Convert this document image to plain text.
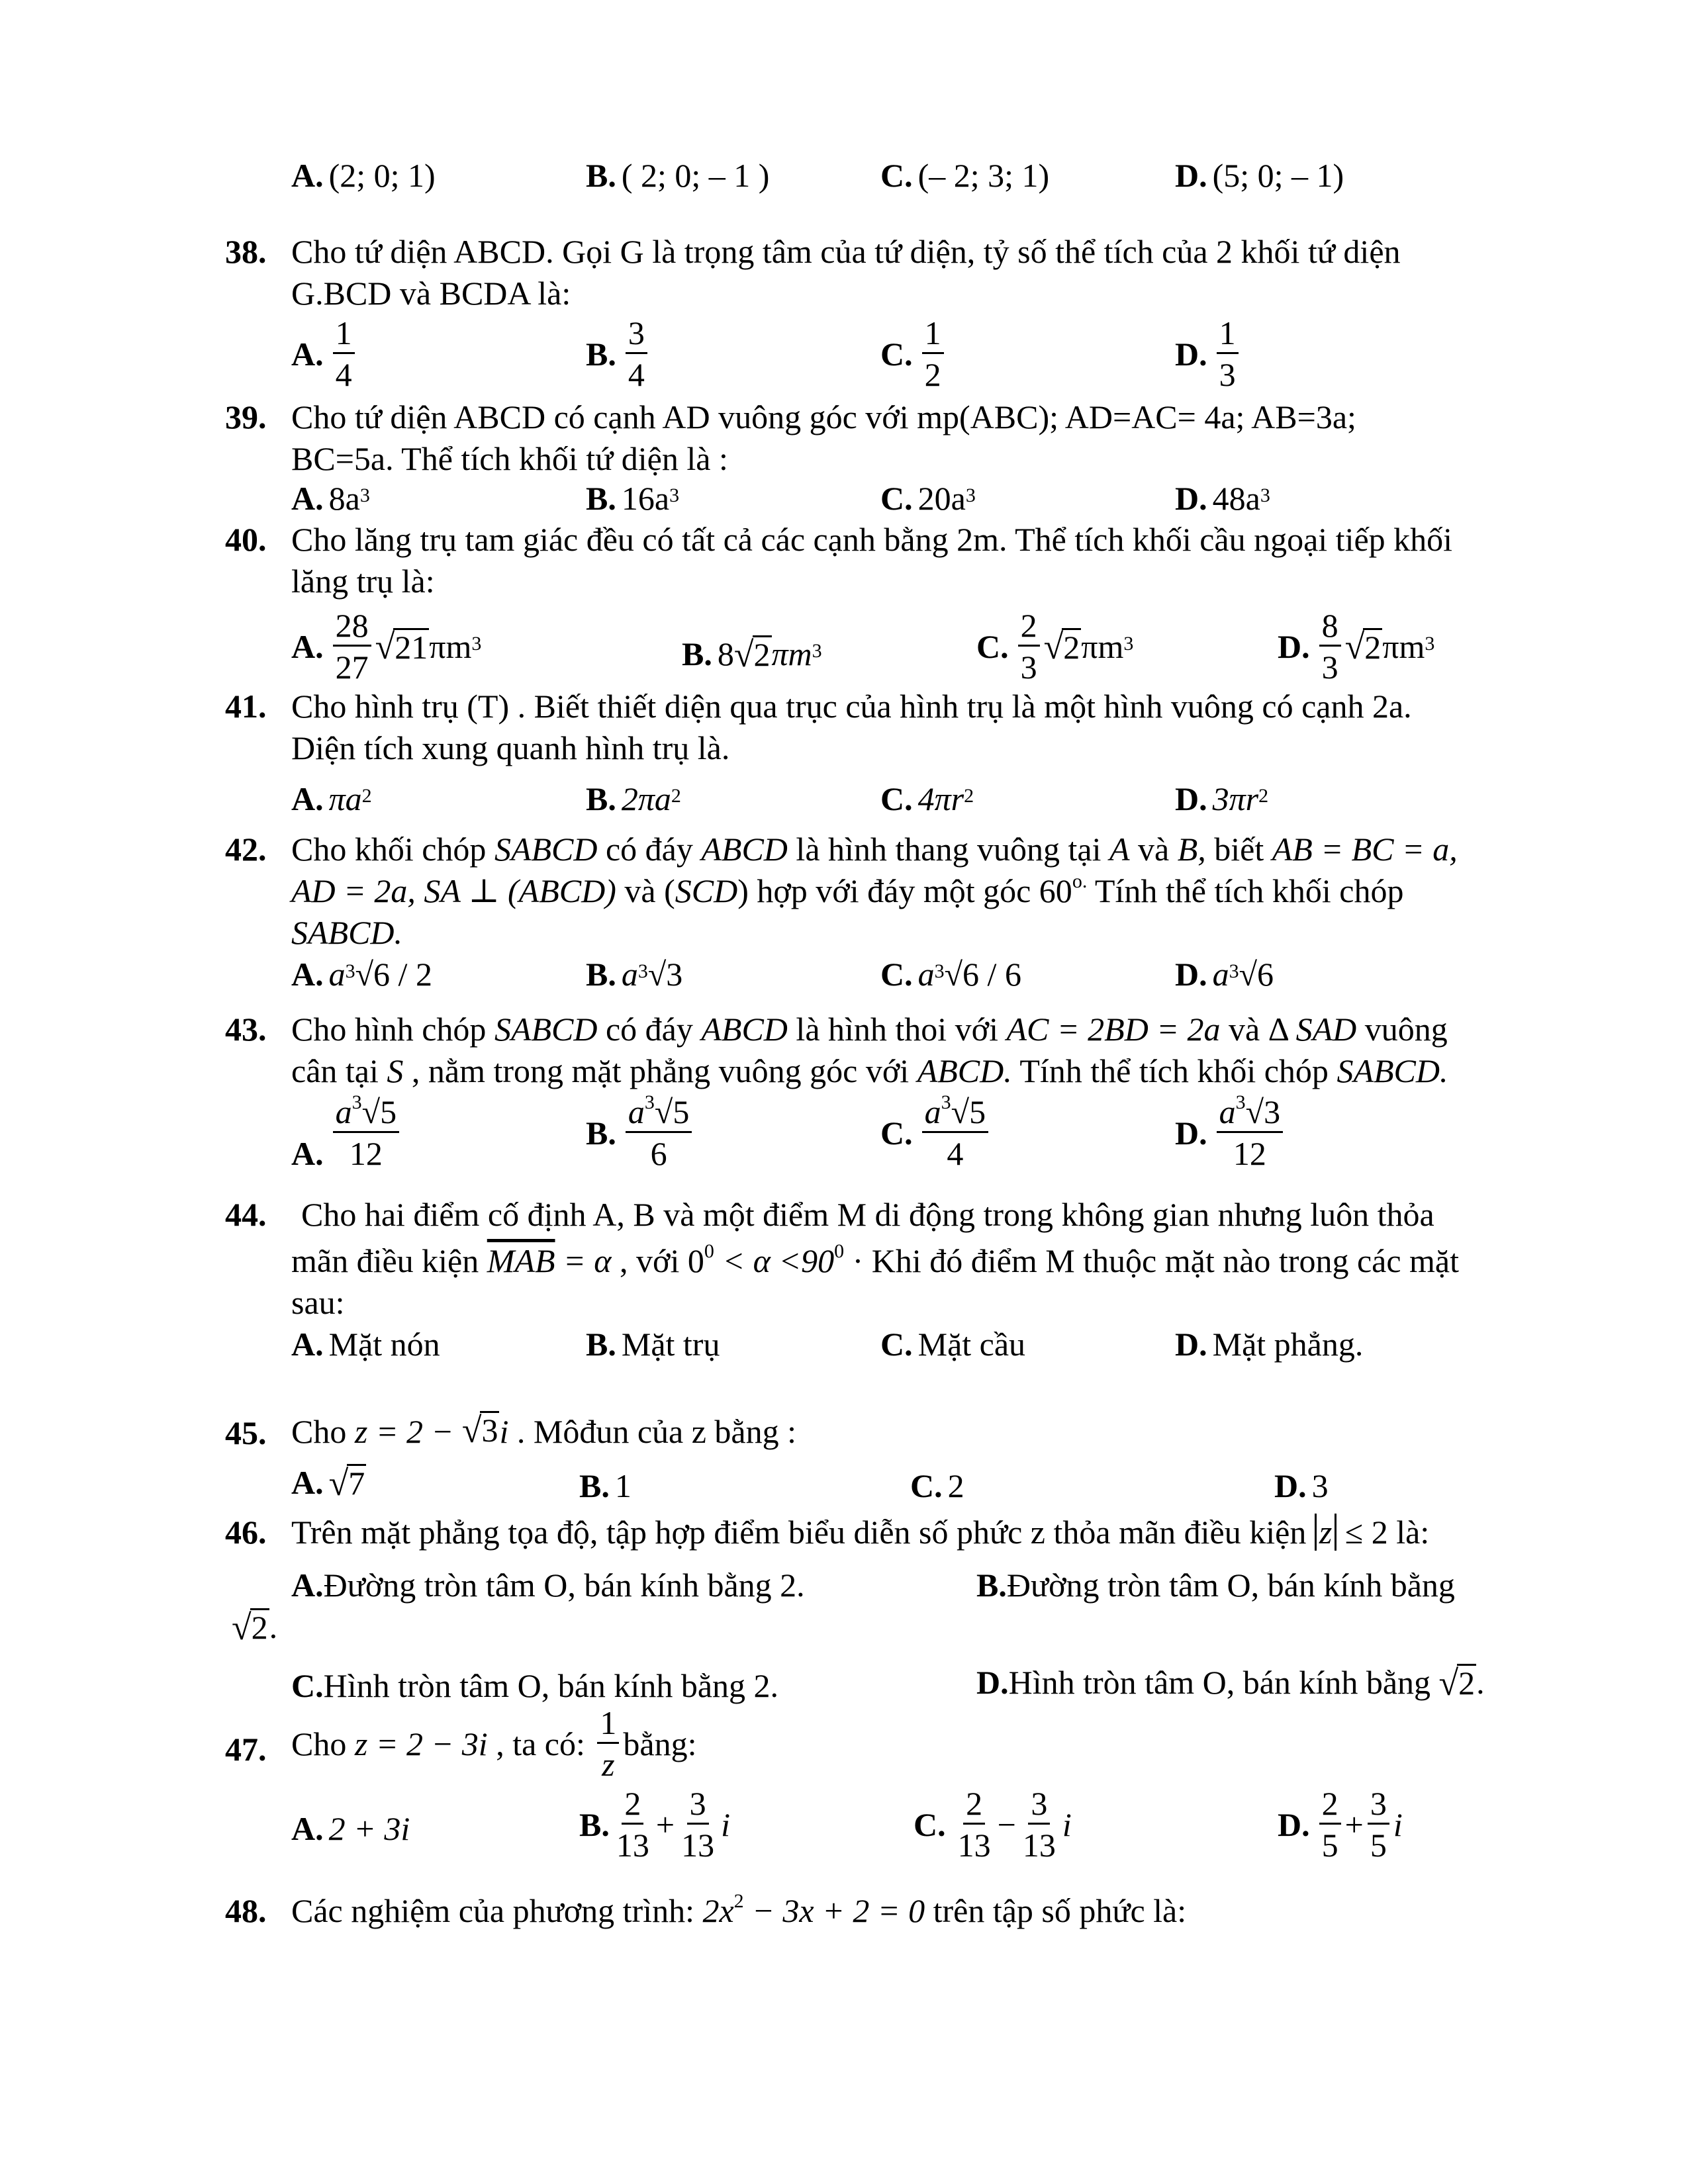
A. (2; 0; 1)	B. ( 2; 0; – 1 )	C. (– 2; 3; 1)	D. (5; 0; – 1)
38. Cho tứ diện ABCD. Gọi G là trọng tâm của tứ diện, tỷ số thể tích của 2 khối tứ diện
G.BCD và BCDA là:
A. $\frac{1}{4}$	B. $\frac{3}{4}$	C. $\frac{1}{2}$	D. $\frac{1}{3}$
39. Cho tứ diện ABCD có cạnh AD vuông góc với mp(ABC); AD=AC= 4a; AB=3a;
BC=5a. Thể tích khối tứ diện là :
A. $8a^3$	B. $16a^3$	C. $20a^3$	D. $48a^3$
40. Cho lăng trụ tam giác đều có tất cả các cạnh bằng 2m. Thể tích khối cầu ngoại tiếp khối
lăng trụ là:
A. $\frac{28}{27}$ √ 21 $\pi m^3$	B. 8 √ 2 $\pi m^3$	C. $\frac{2}{3}$ √ 2 $\pi m^3$	D. $\frac{8}{3}$ √ 2 $\pi m^3$
41. Cho hình trụ (T) . Biết thiết diện qua trục của hình trụ là một hình vuông có cạnh 2a.
Diện tích xung quanh hình trụ là.
A. $\pi a^2$	B. $2\pi a^2$	C. $4\pi r^2$	D. $3\pi r^2$
42. Cho khối chóp SABCD có đáy ABCD là hình thang vuông tại A và B, biết AB = BC = a,
AD = 2a, SA ⊥ (ABCD) và (SCD) hợp với đáy một góc $60^{o.}$ Tính thể tích khối chóp
SABCD.
A. $a^3$ √6 / 2	B. $a^3$ √3	C. $a^3$ √6 / 6	D. $a^3$ √6
43. Cho hình chóp SABCD có đáy ABCD là hình thoi với AC = 2BD = 2a và Δ SAD vuông
cân tại S , nằm trong mặt phẳng vuông góc với ABCD. Tính thể tích khối chóp SABCD.
A. $\frac{a^3√5}{12}$	B. $\frac{a^3√5}{6}$	C. $\frac{a^3√5}{4}$	D. $\frac{a^3√3}{12}$
44. Cho hai điểm cố định A, B và một điểm M di động trong không gian nhưng luôn thỏa
mãn điều kiện $\overline{MAB} = \alpha$ , với $0^0 < \alpha <90^0$ · Khi đó điểm M thuộc mặt nào trong các mặt
sau:
A. Mặt nón	B. Mặt trụ	C. Mặt cầu	D. Mặt phẳng.
45. Cho z = 2 − √ 3 i . Môđun của z bằng :
A. √ 7	B. 1	C. 2	D. 3
46. Trên mặt phẳng tọa độ, tập hợp điểm biểu diễn số phức z thỏa mãn điều kiện z ≤ 2 là:
A. Đường tròn tâm O, bán kính bằng 2.	B. Đường tròn tâm O, bán kính bằng
√ 2 .
C. Hình tròn tâm O, bán kính bằng 2.	D. Hình tròn tâm O, bán kính bằng √ 2 .
47. Cho z = 2 − 3i , ta có: $\frac{1}{z}$ bằng:
A. 2 + 3i	B. $\frac{2}{13} + \frac{3}{13}$ i	C. $\frac{2}{13} - \frac{3}{13}$ i	D. $\frac{2}{5} + \frac{3}{5}$ i
48. Các nghiệm của phương trình: $2x^2 - 3x + 2 = 0$ trên tập số phức là:
